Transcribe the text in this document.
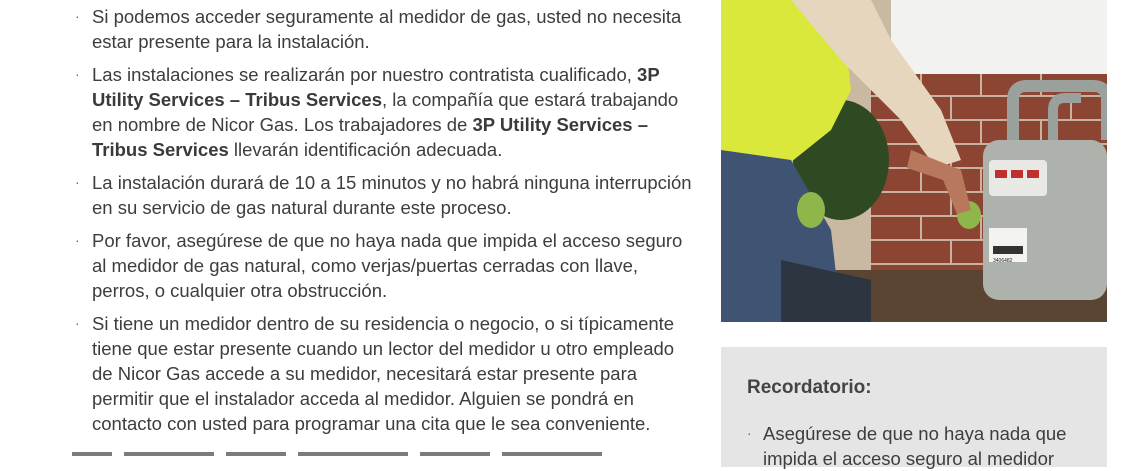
· Si podemos acceder seguramente al medidor de gas, usted no necesita estar presente para la instalación.
· Las instalaciones se realizarán por nuestro contratista cualificado, 3P Utility Services – Tribus Services, la compañía que estará trabajando en nombre de Nicor Gas. Los trabajadores de 3P Utility Services – Tribus Services llevarán identificación adecuada.
· La instalación durará de 10 a 15 minutos y no habrá ninguna interrupción en su servicio de gas natural durante este proceso.
· Por favor, asegúrese de que no haya nada que impida el acceso seguro al medidor de gas natural, como verjas/puertas cerradas con llave, perros, o cualquier otra obstrucción.
· Si tiene un medidor dentro de su residencia o negocio, o si típicamente tiene que estar presente cuando un lector del medidor u otro empleado de Nicor Gas accede a su medidor, necesitará estar presente para permitir que el instalador acceda al medidor. Alguien se pondrá en contacto con usted para programar una cita que le sea conveniente.
3406482
Recordatorio:
· Asegúrese de que no haya nada que impida el acceso seguro al medidor
